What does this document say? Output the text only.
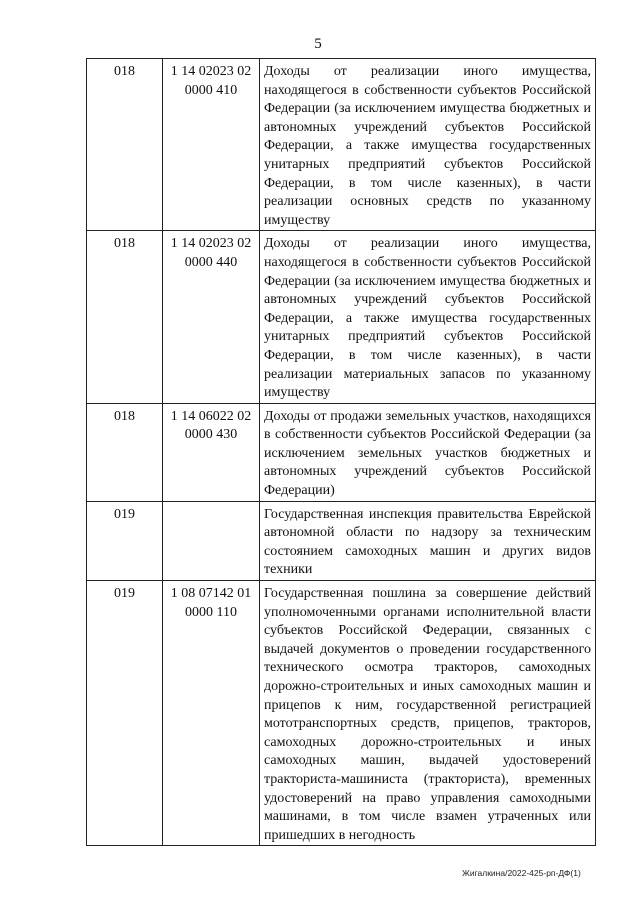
5
018	1 14 02023 02 0000 410	Доходы от реализации иного имущества, находящегося в собственности субъектов Российской Федерации (за исключением имущества бюджетных и автономных учреждений субъектов Российской Федерации, а также имущества государственных унитарных предприятий субъектов Российской Федерации, в том числе казенных), в части реализации основных средств по указанному имуществу
018	1 14 02023 02 0000 440	Доходы от реализации иного имущества, находящегося в собственности субъектов Российской Федерации (за исключением имущества бюджетных и автономных учреждений субъектов Российской Федерации, а также имущества государственных унитарных предприятий субъектов Российской Федерации, в том числе казенных), в части реализации материальных запасов по указанному имуществу
018	1 14 06022 02 0000 430	Доходы от продажи земельных участков, находящихся в собственности субъектов Российской Федерации (за исключением земельных участков бюджетных и автономных учреждений субъектов Российской Федерации)
019		Государственная инспекция правительства Еврейской автономной области по надзору за техническим состоянием самоходных машин и других видов техники
019	1 08 07142 01 0000 110	Государственная пошлина за совершение действий уполномоченными органами исполнительной власти субъектов Российской Федерации, связанных с выдачей документов о проведении государственного технического осмотра тракторов, самоходных дорожно-строительных и иных самоходных машин и прицепов к ним, государственной регистрацией мототранспортных средств, прицепов, тракторов, самоходных дорожно-строительных и иных самоходных машин, выдачей удостоверений тракториста-машиниста (тракториста), временных удостоверений на право управления самоходными машинами, в том числе взамен утраченных или пришедших в негодность
Жигалкина/2022-425-рп-ДФ(1)
